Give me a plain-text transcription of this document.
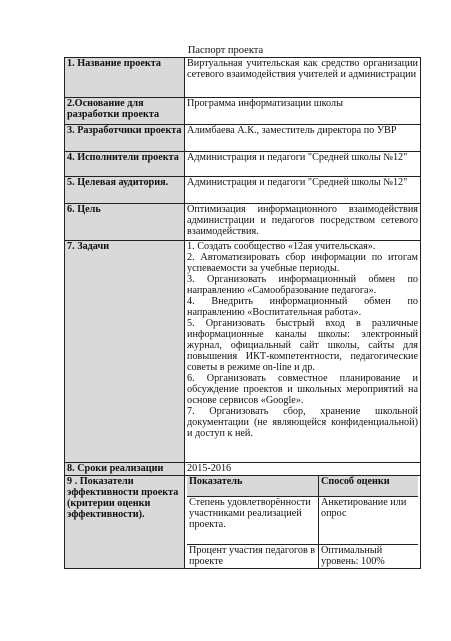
Паспорт проекта
1. Название проекта	Виртуальная учительская как средство организации сетевого взаимодействия учителей и администрации
2.Основание для разработки проекта	Программа информатизации школы
3. Разработчики проекта	Алимбаева А.К., заместитель директора по УВР
4. Исполнители проекта	Администрация и педагоги "Средней школы №12"
5. Целевая аудитория.	Администрация и педагоги "Средней школы №12"
6. Цель	Оптимизация информационного взаимодействия администрации и педагогов посредством сетевого взаимодействия.
7. Задачи	1. Создать сообщество «12ая учительская».
2. Автоматизировать сбор информации по итогам успеваемости за учебные периоды.
3. Организовать информационный обмен по направлению «Самообразование педагога».
4. Внедрить информационный обмен по направлению «Воспитательная работа».
5. Организовать быстрый вход в различные информационные каналы школы: электронный журнал, официальный сайт школы, сайты для повышения ИКТ-компетентности, педагогические советы в режиме on-line и др.
6. Организовать совместное планирование и обсуждение проектов и школьных мероприятий на основе сервисов «Google».
7. Организовать сбор, хранение школьной документации (не являющейся конфиденциальной) и доступ к ней.

8. Сроки реализации	2015-2016
9 . Показатели эффективности проекта (критерии оценки эффективности).	
Показатель	Способ оценки
Степень удовлетворённости участниками реализацией проекта.	Анкетирование или опрос
Процент участия педагогов в проекте	Оптимальный уровень: 100%
